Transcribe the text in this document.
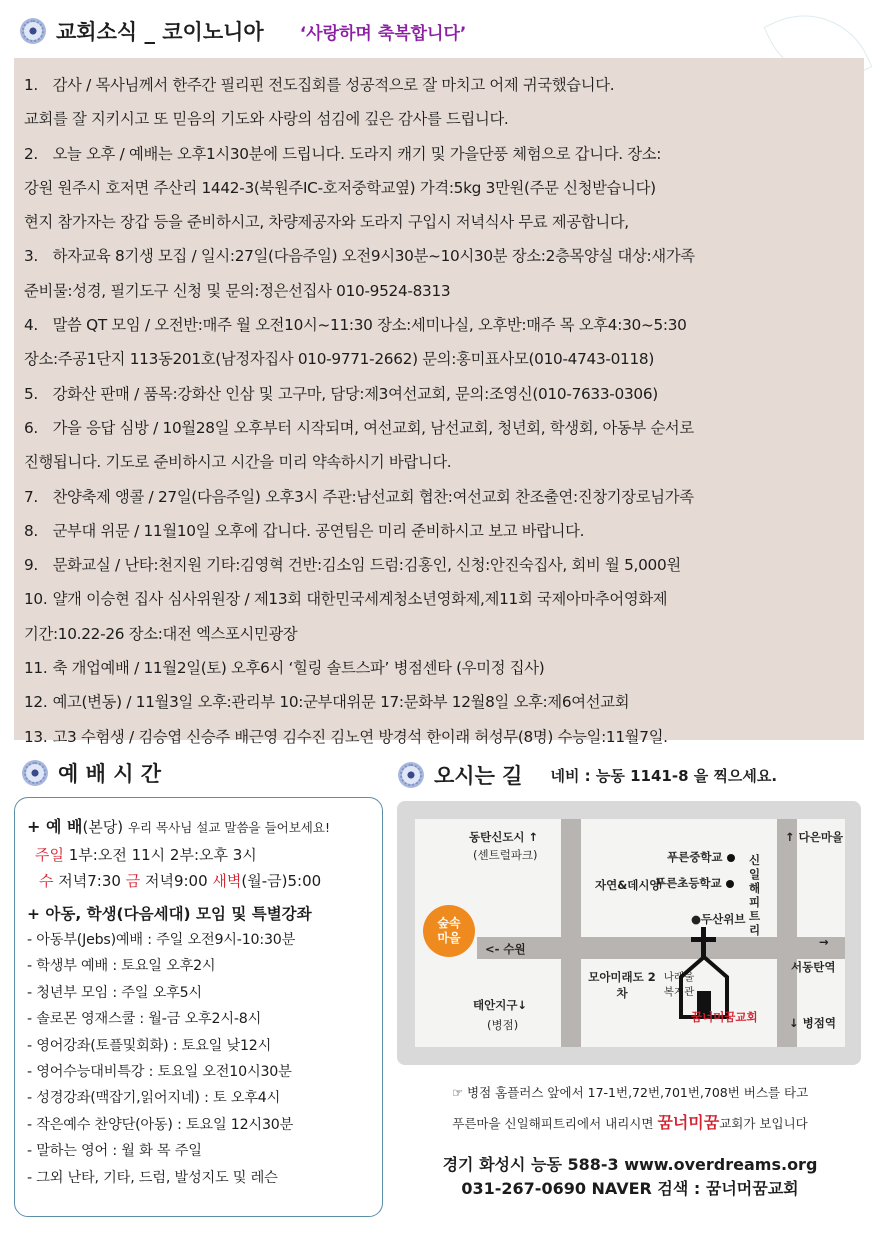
교회소식 _ 코이노니아 ‘사랑하며 축복합니다’
1. 감사 / 목사님께서 한주간 필리핀 전도집회를 성공적으로 잘 마치고 어제 귀국했습니다.
교회를 잘 지키시고 또 믿음의 기도와 사랑의 섬김에 깊은 감사를 드립니다.
2. 오늘 오후 / 예배는 오후1시30분에 드립니다. 도라지 캐기 및 가을단풍 체험으로 갑니다. 장소:
강원 원주시 호저면 주산리 1442-3(북원주IC-호저중학교옆) 가격:5kg 3만원(주문 신청받습니다)
현지 참가자는 장갑 등을 준비하시고, 차량제공자와 도라지 구입시 저녁식사 무료 제공합니다,
3. 하자교육 8기생 모집 / 일시:27일(다음주일) 오전9시30분~10시30분 장소:2층목양실 대상:새가족
준비물:성경, 필기도구 신청 및 문의:정은선집사 010-9524-8313
4. 말씀 QT 모임 / 오전반:매주 월 오전10시~11:30 장소:세미나실, 오후반:매주 목 오후4:30~5:30
장소:주공1단지 113동201호(남정자집사 010-9771-2662) 문의:홍미표사모(010-4743-0118)
5. 강화산 판매 / 품목:강화산 인삼 및 고구마, 담당:제3여선교회, 문의:조영신(010-7633-0306)
6. 가을 응답 심방 / 10월28일 오후부터 시작되며, 여선교회, 남선교회, 청년회, 학생회, 아동부 순서로
진행됩니다. 기도로 준비하시고 시간을 미리 약속하시기 바랍니다.
7. 찬양축제 앵콜 / 27일(다음주일) 오후3시 주관:남선교회 협찬:여선교회 찬조출연:진창기장로님가족
8. 군부대 위문 / 11월10일 오후에 갑니다. 공연팀은 미리 준비하시고 보고 바랍니다.
9. 문화교실 / 난타:천지원 기타:김영혁 건반:김소임 드럼:김홍인, 신청:안진숙집사, 회비 월 5,000원
10. 얄개 이승현 집사 심사위원장 / 제13회 대한민국세계청소년영화제,제11회 국제아마추어영화제
기간:10.22-26 장소:대전 엑스포시민광장
11. 축 개업예배 / 11월2일(토) 오후6시 ‘힐링 솔트스파’ 병점센타 (우미정 집사)
12. 예고(변동) / 11월3일 오후:관리부 10:군부대위문 17:문화부 12월8일 오후:제6여선교회
13. 고3 수험생 / 김승엽 신승주 배근영 김수진 김노연 방경석 한이래 허성무(8명) 수능일:11월7일.
예 배 시 간
+ 예 배(본당) 우리 목사님 설교 말씀을 들어보세요!
주일 1부:오전 11시 2부:오후 3시
수 저녁7:30 금 저녁9:00 새벽(월-금)5:00
+ 아동, 학생(다음세대) 모임 및 특별강좌
- 아동부(Jebs)예배 : 주일 오전9시-10:30분
- 학생부 예배 : 토요일 오후2시
- 청년부 모임 : 주일 오후5시
- 솔로몬 영재스쿨 : 월-금 오후2시-8시
- 영어강좌(토플및회화) : 토요일 낮12시
- 영어수능대비특강 : 토요일 오전10시30분
- 성경강좌(맥잡기,읽어지네) : 토 오후4시
- 작은예수 찬양단(아동) : 토요일 12시30분
- 말하는 영어 : 월 화 목 주일
- 그외 난타, 기타, 드럼, 발성지도 및 레슨
오시는 길 네비 : 능동 1141-8 을 찍으세요.
숲속마을
동탄신도시 ↑
(센트럴파크)
자연&데시앙
푸른중학교
푸른초등학교
신일해피트리
●두산위브
<- 수원
모아미래도 2차
나래울 복지관
꿈너머꿈교회
태안지구↓
(병점)
↑ 다은마을
→
서동탄역
↓ 병점역
☞ 병점 홈플러스 앞에서 17-1번,72번,701번,708번 버스를 타고
푸른마을 신일해피트리에서 내리시면 꿈너미꿈교회가 보입니다
경기 화성시 능동 588-3 www.overdreams.org
031-267-0690 NAVER 검색 : 꿈너머꿈교회
